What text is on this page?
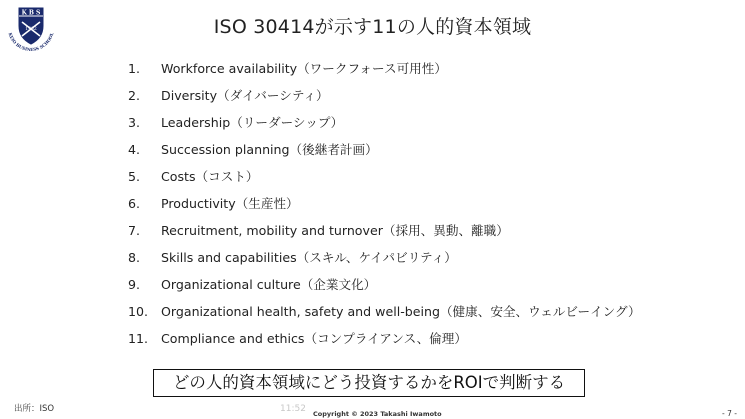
K B S
1962
KEIO BUSINESS SCHOOL	ISO 30414が示す11の人的資本領域
1. Workforce availability（ワークフォース可用性）
2. Diversity（ダイバーシティ）
3. Leadership（リーダーシップ）
4. Succession planning（後継者計画）
5. Costs（コスト）
6. Productivity（生産性）
7. Recruitment, mobility and turnover（採用、異動、離職）
8. Skills and capabilities（スキル、ケイパビリティ）
9. Organizational culture（企業文化）
10. Organizational health, safety and well-being（健康、安全、ウェルビーイング）
11. Compliance and ethics（コンプライアンス、倫理）
どの人的資本領域にどう投資するかをROIで判断する
出所：ISO	11:52 Copyright © 2023 Takashi Iwamoto	- 7 -
